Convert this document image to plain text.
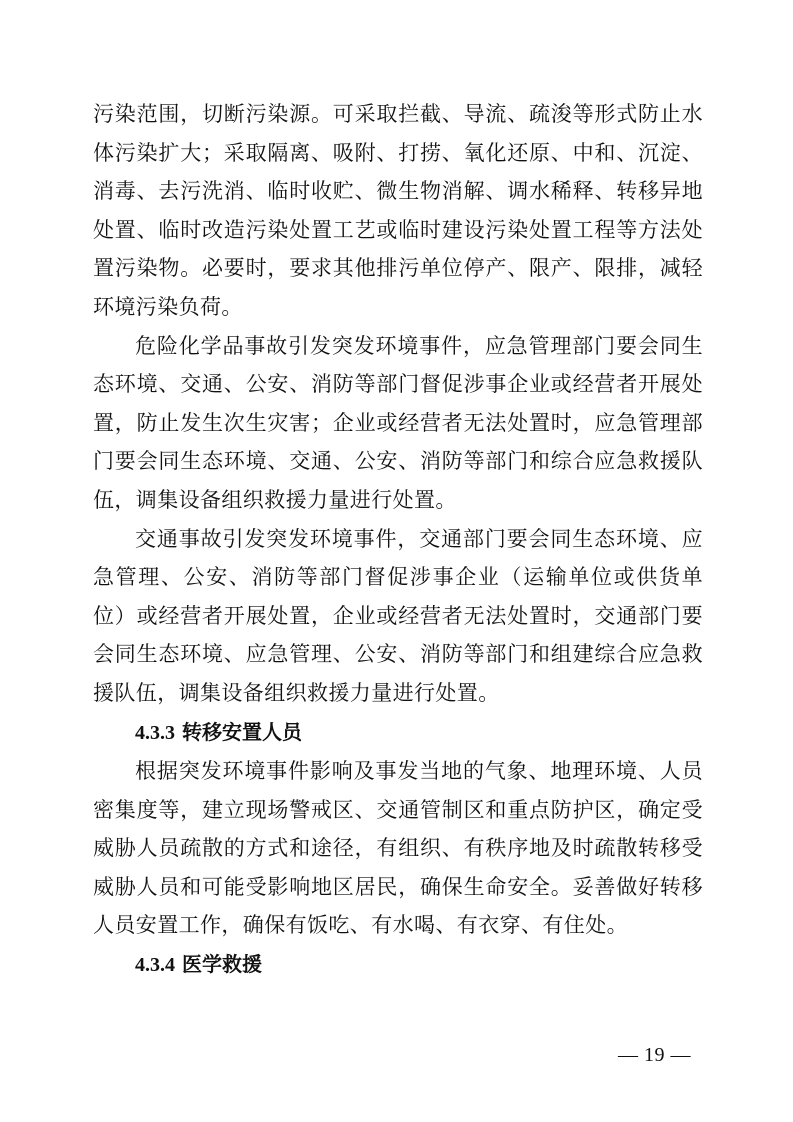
污染范围，切断污染源。可采取拦截、导流、疏浚等形式防止水体污染扩大；采取隔离、吸附、打捞、氧化还原、中和、沉淀、消毒、去污洗消、临时收贮、微生物消解、调水稀释、转移异地处置、临时改造污染处置工艺或临时建设污染处置工程等方法处置污染物。必要时，要求其他排污单位停产、限产、限排，减轻环境污染负荷。

危险化学品事故引发突发环境事件，应急管理部门要会同生态环境、交通、公安、消防等部门督促涉事企业或经营者开展处置，防止发生次生灾害；企业或经营者无法处置时，应急管理部门要会同生态环境、交通、公安、消防等部门和综合应急救援队伍，调集设备组织救援力量进行处置。

交通事故引发突发环境事件，交通部门要会同生态环境、应急管理、公安、消防等部门督促涉事企业（运输单位或供货单位）或经营者开展处置，企业或经营者无法处置时，交通部门要会同生态环境、应急管理、公安、消防等部门和组建综合应急救援队伍，调集设备组织救援力量进行处置。

4.3.3 转移安置人员

根据突发环境事件影响及事发当地的气象、地理环境、人员密集度等，建立现场警戒区、交通管制区和重点防护区，确定受威胁人员疏散的方式和途径，有组织、有秩序地及时疏散转移受威胁人员和可能受影响地区居民，确保生命安全。妥善做好转移人员安置工作，确保有饭吃、有水喝、有衣穿、有住处。

4.3.4 医学救援

— 19 —
